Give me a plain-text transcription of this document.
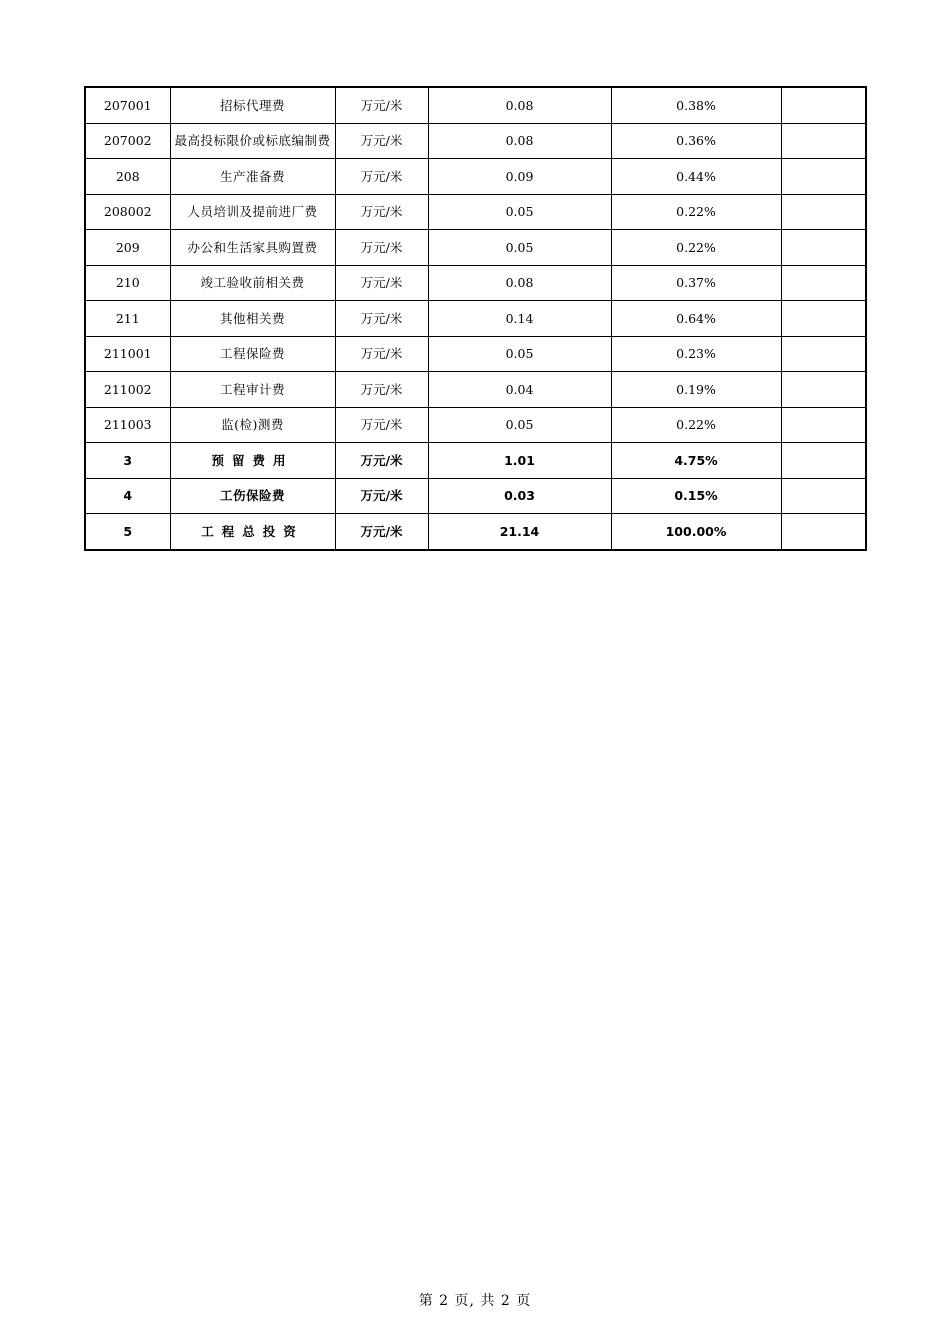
207001	招标代理费	万元/米	0.08	0.38%	
207002	最高投标限价或标底编制费	万元/米	0.08	0.36%	
208	生产准备费	万元/米	0.09	0.44%	
208002	人员培训及提前进厂费	万元/米	0.05	0.22%	
209	办公和生活家具购置费	万元/米	0.05	0.22%	
210	竣工验收前相关费	万元/米	0.08	0.37%	
211	其他相关费	万元/米	0.14	0.64%	
211001	工程保险费	万元/米	0.05	0.23%	
211002	工程审计费	万元/米	0.04	0.19%	
211003	监(检)测费	万元/米	0.05	0.22%	
3	预留费用	万元/米	1.01	4.75%	
4	工伤保险费	万元/米	0.03	0.15%	
5	工程总投资	万元/米	21.14	100.00%	
第 2 页, 共 2 页
